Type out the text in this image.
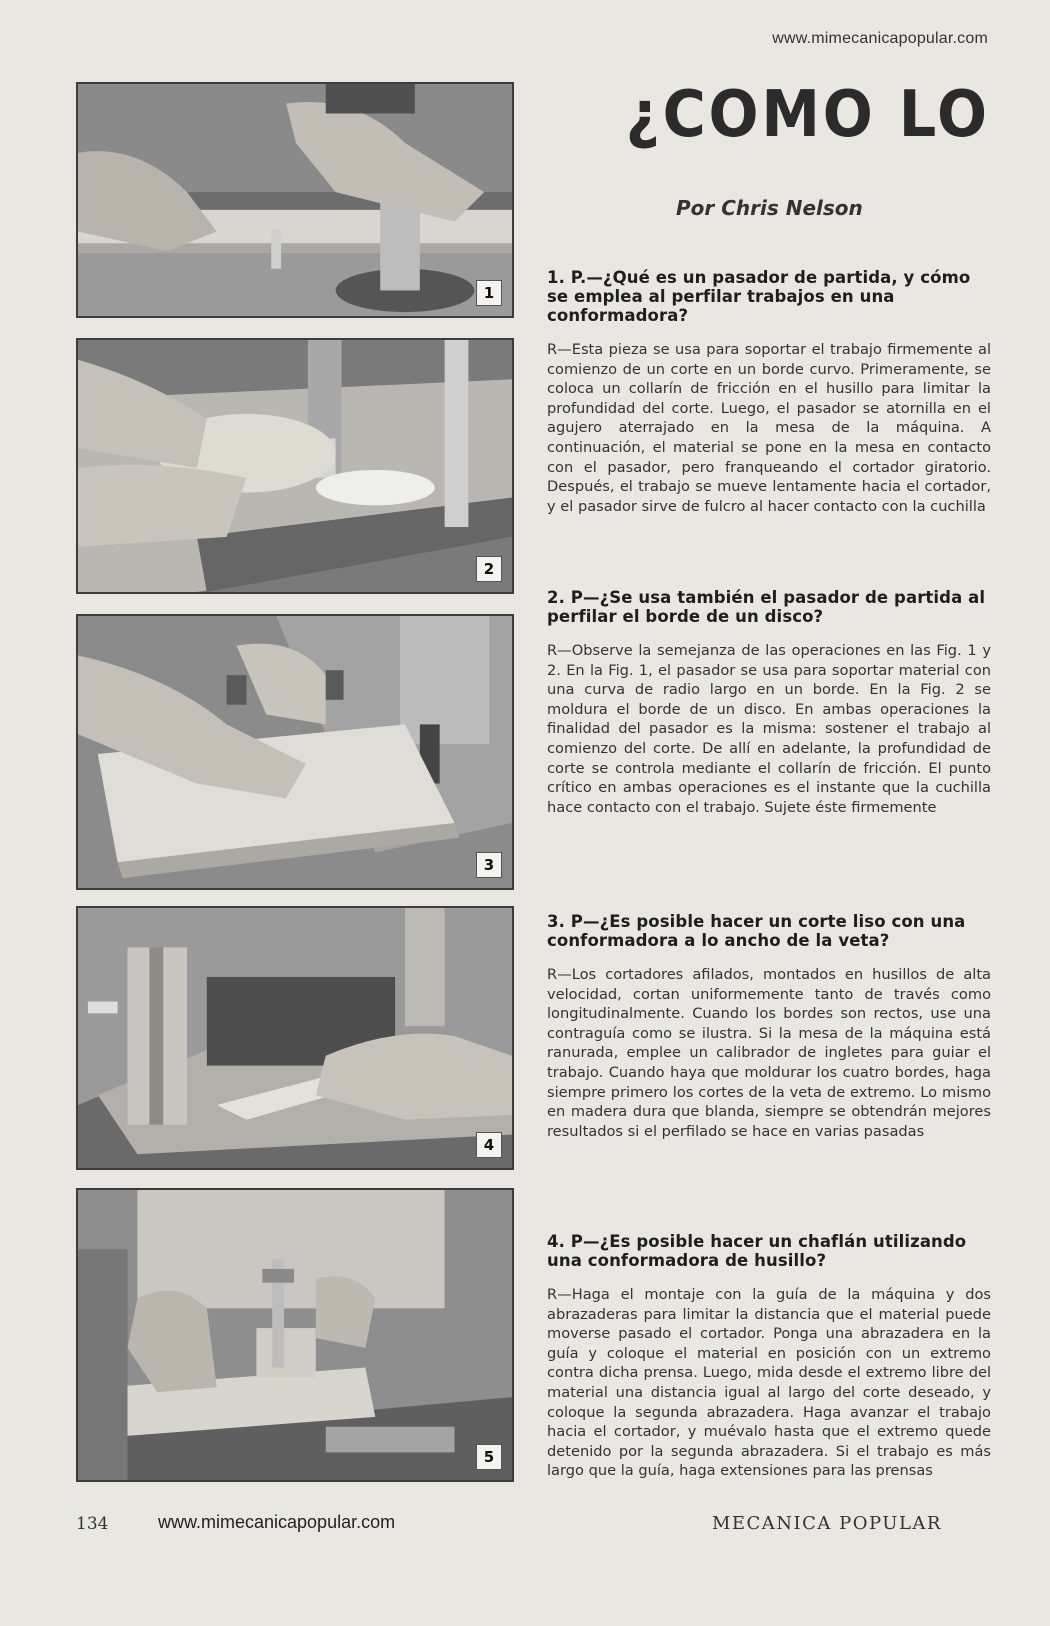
www.mimecanicapopular.com
1
2
3
4
5
¿COMO LO
Por Chris Nelson

1. P.—¿Qué es un pasador de partida, y cómo se emplea al perfilar trabajos en una conformadora?

R—Esta pieza se usa para soportar el trabajo firmemente al comienzo de un corte en un borde curvo. Primeramente, se coloca un collarín de fricción en el husillo para limitar la profundidad del corte. Luego, el pasador se atornilla en el agujero aterrajado en la mesa de la máquina. A continuación, el material se pone en la mesa en contacto con el pasador, pero franqueando el cortador giratorio. Después, el trabajo se mueve lentamente hacia el cortador, y el pasador sirve de fulcro al hacer contacto con la cuchilla

2. P—¿Se usa también el pasador de partida al perfilar el borde de un disco?

R—Observe la semejanza de las operaciones en las Fig. 1 y 2. En la Fig. 1, el pasador se usa para soportar material con una curva de radio largo en un borde. En la Fig. 2 se moldura el borde de un disco. En ambas operaciones la finalidad del pasador es la misma: sostener el trabajo al comienzo del corte. De allí en adelante, la profundidad de corte se controla mediante el collarín de fricción. El punto crítico en ambas operaciones es el instante que la cuchilla hace contacto con el trabajo. Sujete éste firmemente

3. P—¿Es posible hacer un corte liso con una conformadora a lo ancho de la veta?

R—Los cortadores afilados, montados en husillos de alta velocidad, cortan uniformemente tanto de través como longitudinalmente. Cuando los bordes son rectos, use una contraguía como se ilustra. Si la mesa de la máquina está ranurada, emplee un calibrador de ingletes para guiar el trabajo. Cuando haya que moldurar los cuatro bordes, haga siempre primero los cortes de la veta de extremo. Lo mismo en madera dura que blanda, siempre se obtendrán mejores resultados si el perfilado se hace en varias pasadas

4. P—¿Es posible hacer un chaflán utilizando una conformadora de husillo?

R—Haga el montaje con la guía de la máquina y dos abrazaderas para limitar la distancia que el material puede moverse pasado el cortador. Ponga una abrazadera en la guía y coloque el material en posición con un extremo contra dicha prensa. Luego, mida desde el extremo libre del material una distancia igual al largo del corte deseado, y coloque la segunda abrazadera. Haga avanzar el trabajo hacia el cortador, y muévalo hasta que el extremo quede detenido por la segunda abrazadera. Si el trabajo es más largo que la guía, haga extensiones para las prensas

134	www.mimecanicapopular.com	MECANICA POPULAR
